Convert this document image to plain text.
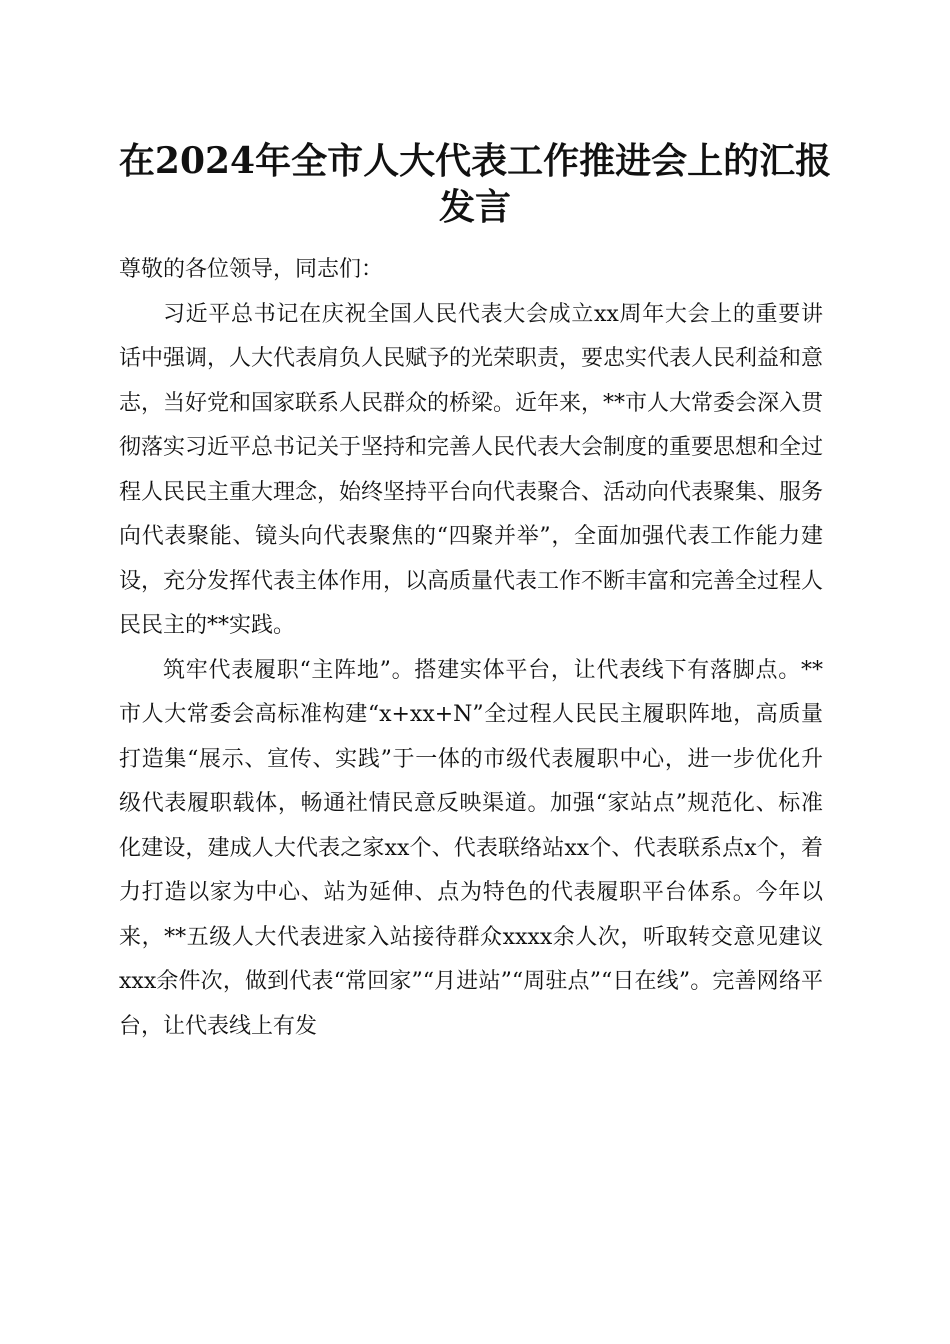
在2024年全市人大代表工作推进会上的汇报发言

尊敬的各位领导，同志们：

习近平总书记在庆祝全国人民代表大会成立xx周年大会上的重要讲话中强调，人大代表肩负人民赋予的光荣职责，要忠实代表人民利益和意志，当好党和国家联系人民群众的桥梁。近年来，**市人大常委会深入贯彻落实习近平总书记关于坚持和完善人民代表大会制度的重要思想和全过程人民民主重大理念，始终坚持平台向代表聚合、活动向代表聚集、服务向代表聚能、镜头向代表聚焦的“四聚并举”，全面加强代表工作能力建设，充分发挥代表主体作用，以高质量代表工作不断丰富和完善全过程人民民主的**实践。

筑牢代表履职“主阵地”。搭建实体平台，让代表线下有落脚点。**市人大常委会高标准构建“x+xx+N”全过程人民民主履职阵地，高质量打造集“展示、宣传、实践”于一体的市级代表履职中心，进一步优化升级代表履职载体，畅通社情民意反映渠道。加强“家站点”规范化、标准化建设，建成人大代表之家xx个、代表联络站xx个、代表联系点x个，着力打造以家为中心、站为延伸、点为特色的代表履职平台体系。今年以来，**五级人大代表进家入站接待群众xxxx余人次，听取转交意见建议xxx余件次，做到代表“常回家”“月进站”“周驻点”“日在线”。完善网络平台，让代表线上有发
